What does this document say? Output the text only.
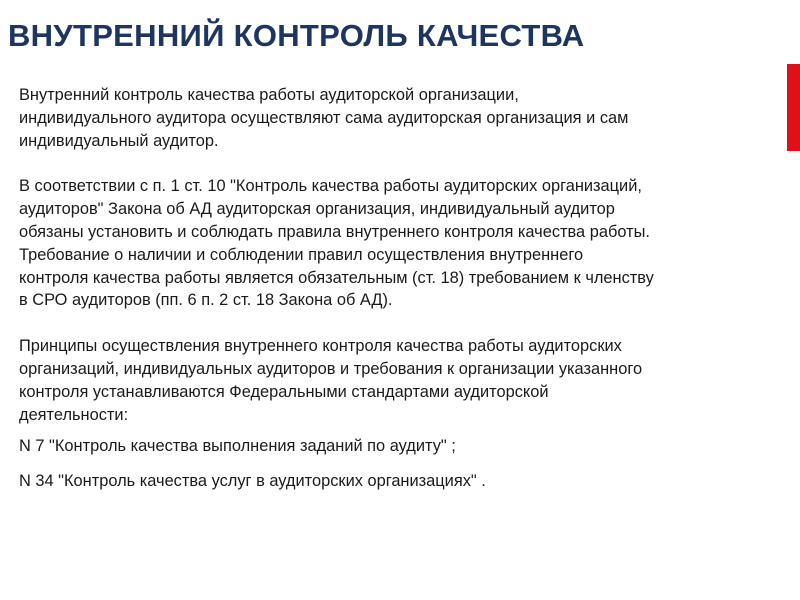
ВНУТРЕННИЙ КОНТРОЛЬ КАЧЕСТВА

Внутренний контроль качества работы аудиторской организации,
индивидуального аудитора осуществляют сама аудиторская организация и сам
индивидуальный аудитор.

В соответствии с п. 1 ст. 10 "Контроль качества работы аудиторских организаций,
аудиторов" Закона об АД аудиторская организация, индивидуальный аудитор
обязаны установить и соблюдать правила внутреннего контроля качества работы.
Требование о наличии и соблюдении правил осуществления внутреннего
контроля качества работы является обязательным (ст. 18) требованием к членству
в СРО аудиторов (пп. 6 п. 2 ст. 18 Закона об АД).

Принципы осуществления внутреннего контроля качества работы аудиторских
организаций, индивидуальных аудиторов и требования к организации указанного
контроля устанавливаются Федеральными стандартами аудиторской
деятельности:

N 7 "Контроль качества выполнения заданий по аудиту" ;
N 34 "Контроль качества услуг в аудиторских организациях" .
